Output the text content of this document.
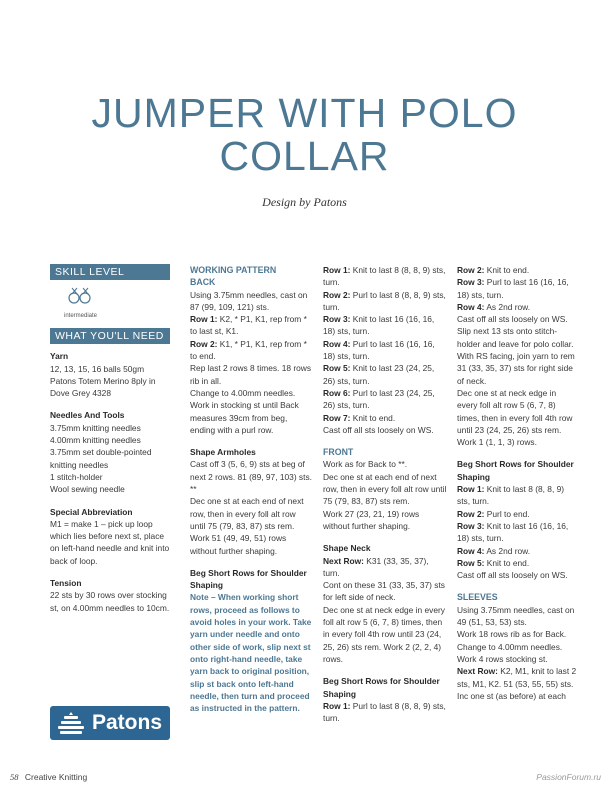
JUMPER WITH POLO
COLLAR
Design by Patons
SKILL LEVEL
intermediate
WHAT YOU'LL NEED

Yarn

12, 13, 15, 16 balls 50gm Patons Totem Merino 8ply in Dove Grey 4328

Needles And Tools

3.75mm knitting needles

4.00mm knitting needles

3.75mm set double-pointed knitting needles

1 stitch-holder

Wool sewing needle

Special Abbreviation

M1 = make 1 – pick up loop which lies before next st, place on left-hand needle and knit into back of loop.

Tension

22 sts by 30 rows over stocking st, on 4.00mm needles to 10cm.

Patons

WORKING PATTERN

BACK

Using 3.75mm needles, cast on 87 (99, 109, 121) sts.

Row 1: K2, * P1, K1, rep from * to last st, K1.

Row 2: K1, * P1, K1, rep from * to end.

Rep last 2 rows 8 times. 18 rows rib in all.

Change to 4.00mm needles. Work in stocking st until Back measures 39cm from beg, ending with a purl row.

Shape Armholes

Cast off 3 (5, 6, 9) sts at beg of next 2 rows. 81 (89, 97, 103) sts. **

Dec one st at each end of next row, then in every foll alt row until 75 (79, 83, 87) sts rem.

Work 51 (49, 49, 51) rows without further shaping.

Beg Short Rows for Shoulder Shaping

Note – When working short rows, proceed as follows to avoid holes in your work. Take yarn under needle and onto other side of work, slip next st onto right-hand needle, take yarn back to original position, slip st back onto left-hand needle, then turn and proceed as instructed in the pattern.

Row 1: Knit to last 8 (8, 8, 9) sts, turn.

Row 2: Purl to last 8 (8, 8, 9) sts, turn.

Row 3: Knit to last 16 (16, 16, 18) sts, turn.

Row 4: Purl to last 16 (16, 16, 18) sts, turn.

Row 5: Knit to last 23 (24, 25, 26) sts, turn.

Row 6: Purl to last 23 (24, 25, 26) sts, turn.

Row 7: Knit to end.

Cast off all sts loosely on WS.

FRONT

Work as for Back to **.

Dec one st at each end of next row, then in every foll alt row until 75 (79, 83, 87) sts rem.

Work 27 (23, 21, 19) rows without further shaping.

Shape Neck

Next Row: K31 (33, 35, 37), turn.

Cont on these 31 (33, 35, 37) sts for left side of neck.

Dec one st at neck edge in every foll alt row 5 (6, 7, 8) times, then in every foll 4th row until 23 (24, 25, 26) sts rem. Work 2 (2, 2, 4) rows.

Beg Short Rows for Shoulder Shaping

Row 1: Purl to last 8 (8, 8, 9) sts, turn.

Row 2: Knit to end.

Row 3: Purl to last 16 (16, 16, 18) sts, turn.

Row 4: As 2nd row.

Cast off all sts loosely on WS.

Slip next 13 sts onto stitch-holder and leave for polo collar.

With RS facing, join yarn to rem 31 (33, 35, 37) sts for right side of neck.

Dec one st at neck edge in every foll alt row 5 (6, 7, 8) times, then in every foll 4th row until 23 (24, 25, 26) sts rem.

Work 1 (1, 1, 3) rows.

Beg Short Rows for Shoulder Shaping

Row 1: Knit to last 8 (8, 8, 9) sts, turn.

Row 2: Purl to end.

Row 3: Knit to last 16 (16, 16, 18) sts, turn.

Row 4: As 2nd row.

Row 5: Knit to end.

Cast off all sts loosely on WS.

SLEEVES

Using 3.75mm needles, cast on 49 (51, 53, 53) sts.

Work 18 rows rib as for Back.

Change to 4.00mm needles.

Work 4 rows stocking st.

Next Row: K2, M1, knit to last 2 sts, M1, K2. 51 (53, 55, 55) sts.

Inc one st (as before) at each

58 Creative Knitting	PassionForum.ru
